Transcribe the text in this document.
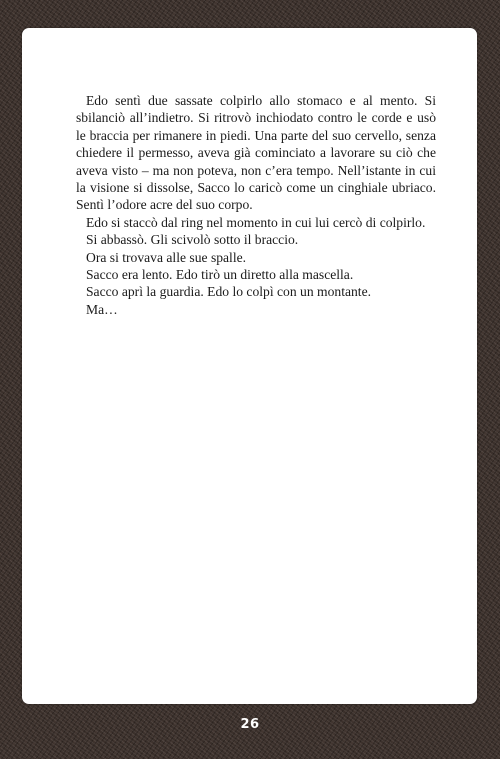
Edo sentì due sassate colpirlo allo stomaco e al mento. Si sbilanciò all’indietro. Si ritrovò inchiodato contro le corde e usò le braccia per rimanere in piedi. Una parte del suo cervello, senza chiedere il permesso, aveva già cominciato a lavorare su ciò che aveva visto – ma non poteva, non c’era tempo. Nell’istante in cui la visione si dissolse, Sacco lo caricò come un cinghiale ubriaco. Sentì l’odore acre del suo corpo.

Edo si staccò dal ring nel momento in cui lui cercò di colpirlo.

Si abbassò. Gli scivolò sotto il braccio.

Ora si trovava alle sue spalle.

Sacco era lento. Edo tirò un diretto alla mascella.

Sacco aprì la guardia. Edo lo colpì con un montante.

Ma…

26
